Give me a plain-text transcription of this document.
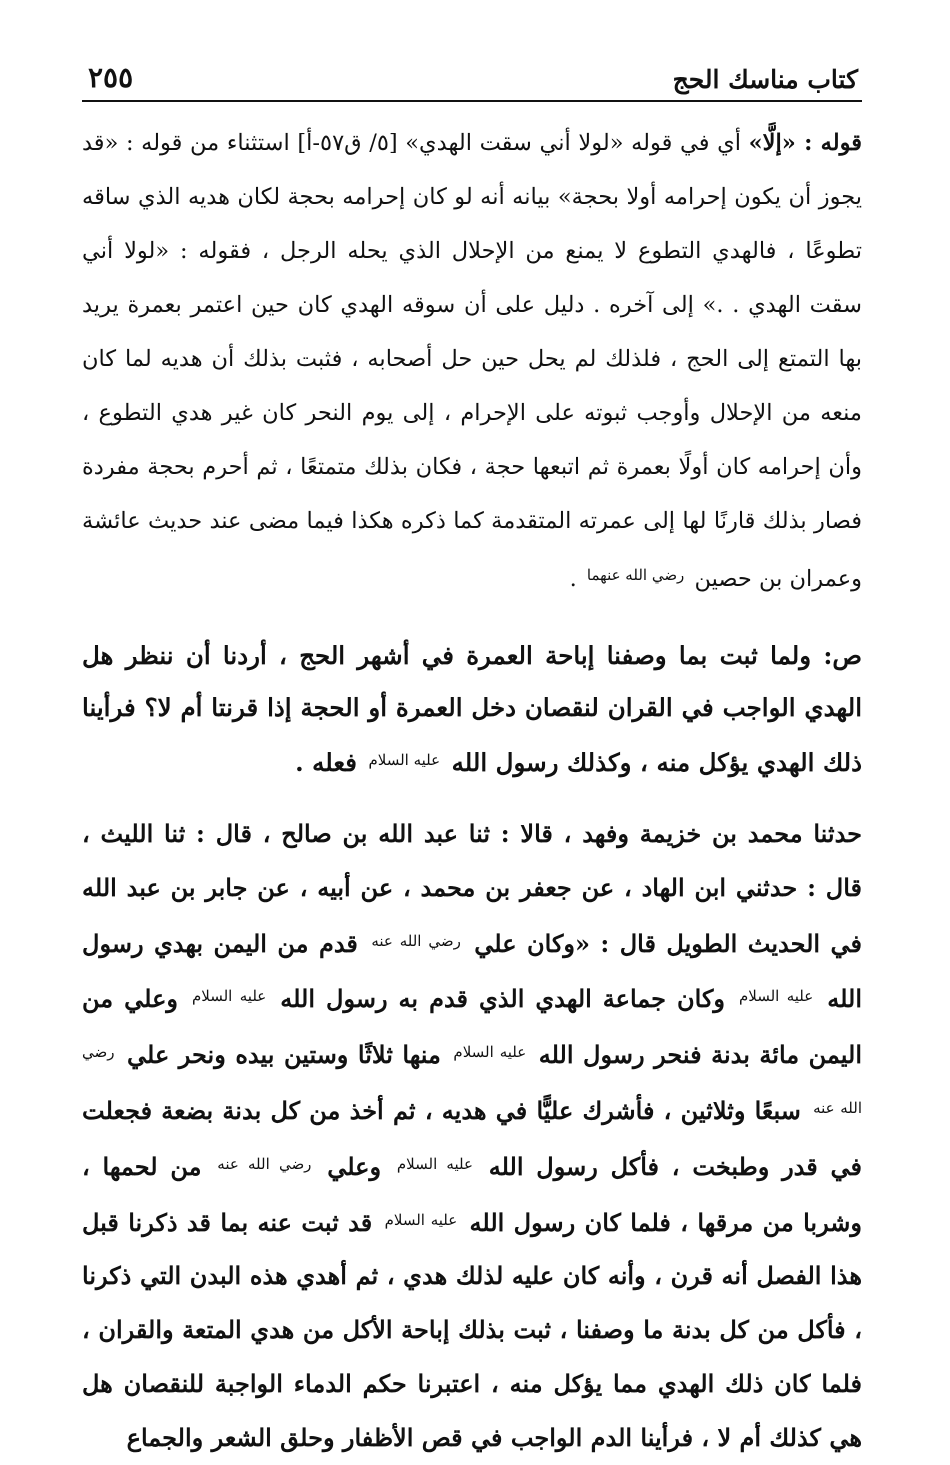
كتاب مناسك الحج
٢٥٥

قوله : «إلَّا» أي في قوله «لولا أني سقت الهدي» [٥/ ق٥٧-أ] استثناء من قوله : «قد يجوز أن يكون إحرامه أولا بحجة» بيانه أنه لو كان إحرامه بحجة لكان هديه الذي ساقه تطوعًا ، فالهدي التطوع لا يمنع من الإحلال الذي يحله الرجل ، فقوله : «لولا أني سقت الهدي . .» إلى آخره . دليل على أن سوقه الهدي كان حين اعتمر بعمرة يريد بها التمتع إلى الحج ، فلذلك لم يحل حين حل أصحابه ، فثبت بذلك أن هديه لما كان منعه من الإحلال وأوجب ثبوته على الإحرام ، إلى يوم النحر كان غير هدي التطوع ، وأن إحرامه كان أولًا بعمرة ثم اتبعها حجة ، فكان بذلك متمتعًا ، ثم أحرم بحجة مفردة فصار بذلك قارنًا لها إلى عمرته المتقدمة كما ذكره هكذا فيما مضى عند حديث عائشة وعمران بن حصين $^{رضي الله عنهما}$ .

ص: ولما ثبت بما وصفنا إباحة العمرة في أشهر الحج ، أردنا أن ننظر هل الهدي الواجب في القران لنقصان دخل العمرة أو الحجة إذا قرنتا أم لا؟ فرأينا ذلك الهدي يؤكل منه ، وكذلك رسول الله $^{عليه السلام}$ فعله .

حدثنا محمد بن خزيمة وفهد ، قالا : ثنا عبد الله بن صالح ، قال : ثنا الليث ، قال : حدثني ابن الهاد ، عن جعفر بن محمد ، عن أبيه ، عن جابر بن عبد الله في الحديث الطويل قال : «وكان علي $^{رضي الله عنه}$ قدم من اليمن بهدي رسول الله $^{عليه السلام}$ وكان جماعة الهدي الذي قدم به رسول الله $^{عليه السلام}$ وعلي من اليمن مائة بدنة فنحر رسول الله $^{عليه السلام}$ منها ثلاثًا وستين بيده ونحر علي $^{رضي الله عنه}$ سبعًا وثلاثين ، فأشرك عليًّا في هديه ، ثم أخذ من كل بدنة بضعة فجعلت في قدر وطبخت ، فأكل رسول الله $^{عليه السلام}$ وعلي $^{رضي الله عنه}$ من لحمها ، وشربا من مرقها ، فلما كان رسول الله $^{عليه السلام}$ قد ثبت عنه بما قد ذكرنا قبل هذا الفصل أنه قرن ، وأنه كان عليه لذلك هدي ، ثم أهدي هذه البدن التي ذكرنا ، فأكل من كل بدنة ما وصفنا ، ثبت بذلك إباحة الأكل من هدي المتعة والقران ، فلما كان ذلك الهدي مما يؤكل منه ، اعتبرنا حكم الدماء الواجبة للنقصان هل هي كذلك أم لا ، فرأينا الدم الواجب في قص الأظفار وحلق الشعر والجماع
